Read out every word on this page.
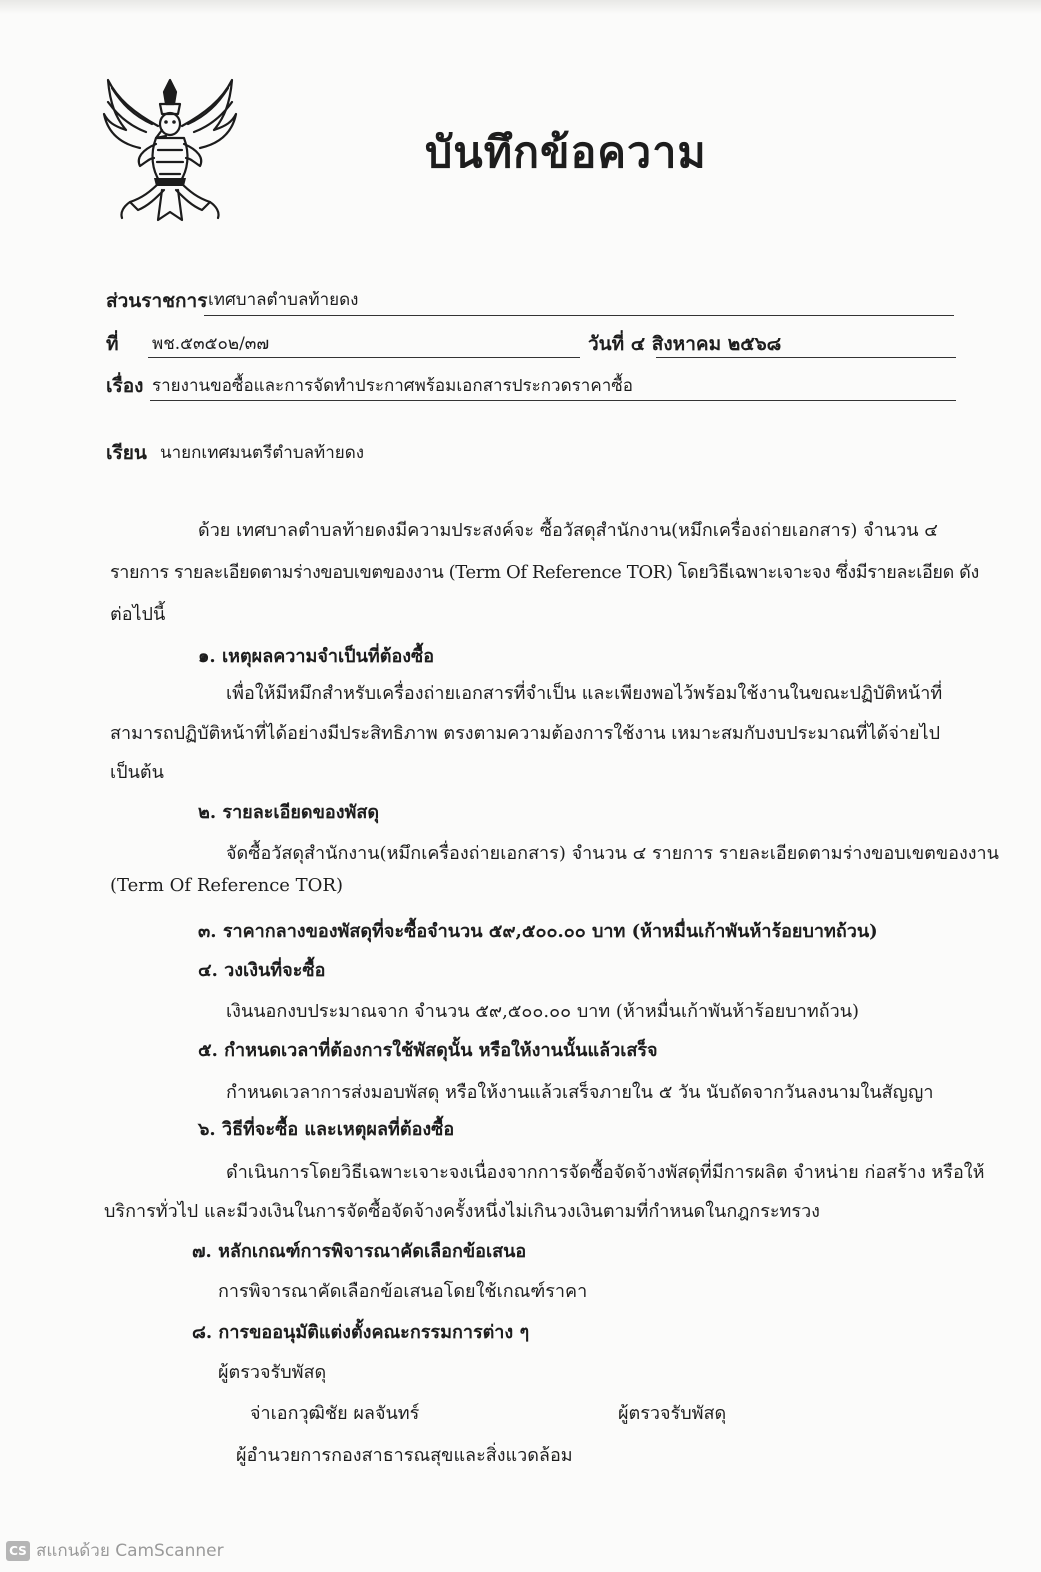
บันทึกข้อความ
ส่วนราชการ เทศบาลตำบลท้ายดง
ที่ พช.๕๓๕๐๒/๓๗	วันที่ ๔ สิงหาคม ๒๕๖๘
เรื่อง รายงานขอซื้อและการจัดทำประกาศพร้อมเอกสารประกวดราคาซื้อ
เรียน นายกเทศมนตรีตำบลท้ายดง
ด้วย เทศบาลตำบลท้ายดงมีความประสงค์จะ ซื้อวัสดุสำนักงาน(หมึกเครื่องถ่ายเอกสาร) จำนวน ๔
รายการ รายละเอียดตามร่างขอบเขตของงาน (Term Of Reference TOR) โดยวิธีเฉพาะเจาะจง ซึ่งมีรายละเอียด ดัง
ต่อไปนี้
๑. เหตุผลความจำเป็นที่ต้องซื้อ
เพื่อให้มีหมึกสำหรับเครื่องถ่ายเอกสารที่จำเป็น และเพียงพอไว้พร้อมใช้งานในขณะปฏิบัติหน้าที่
สามารถปฏิบัติหน้าที่ได้อย่างมีประสิทธิภาพ ตรงตามความต้องการใช้งาน เหมาะสมกับงบประมาณที่ได้จ่ายไป
เป็นต้น
๒. รายละเอียดของพัสดุ
จัดซื้อวัสดุสำนักงาน(หมึกเครื่องถ่ายเอกสาร) จำนวน ๔ รายการ รายละเอียดตามร่างขอบเขตของงาน
(Term Of Reference TOR)
๓. ราคากลางของพัสดุที่จะซื้อจำนวน ๕๙,๕๐๐.๐๐ บาท (ห้าหมื่นเก้าพันห้าร้อยบาทถ้วน)
๔. วงเงินที่จะซื้อ
เงินนอกงบประมาณจาก จำนวน ๕๙,๕๐๐.๐๐ บาท (ห้าหมื่นเก้าพันห้าร้อยบาทถ้วน)
๕. กำหนดเวลาที่ต้องการใช้พัสดุนั้น หรือให้งานนั้นแล้วเสร็จ
กำหนดเวลาการส่งมอบพัสดุ หรือให้งานแล้วเสร็จภายใน ๕ วัน นับถัดจากวันลงนามในสัญญา
๖. วิธีที่จะซื้อ และเหตุผลที่ต้องซื้อ
ดำเนินการโดยวิธีเฉพาะเจาะจงเนื่องจากการจัดซื้อจัดจ้างพัสดุที่มีการผลิต จำหน่าย ก่อสร้าง หรือให้
บริการทั่วไป และมีวงเงินในการจัดซื้อจัดจ้างครั้งหนึ่งไม่เกินวงเงินตามที่กำหนดในกฎกระทรวง
๗. หลักเกณฑ์การพิจารณาคัดเลือกข้อเสนอ
การพิจารณาคัดเลือกข้อเสนอโดยใช้เกณฑ์ราคา
๘. การขออนุมัติแต่งตั้งคณะกรรมการต่าง ๆ
ผู้ตรวจรับพัสดุ
จ่าเอกวุฒิชัย ผลจันทร์	ผู้ตรวจรับพัสดุ
ผู้อำนวยการกองสาธารณสุขและสิ่งแวดล้อม
CS สแกนด้วย CamScanner
